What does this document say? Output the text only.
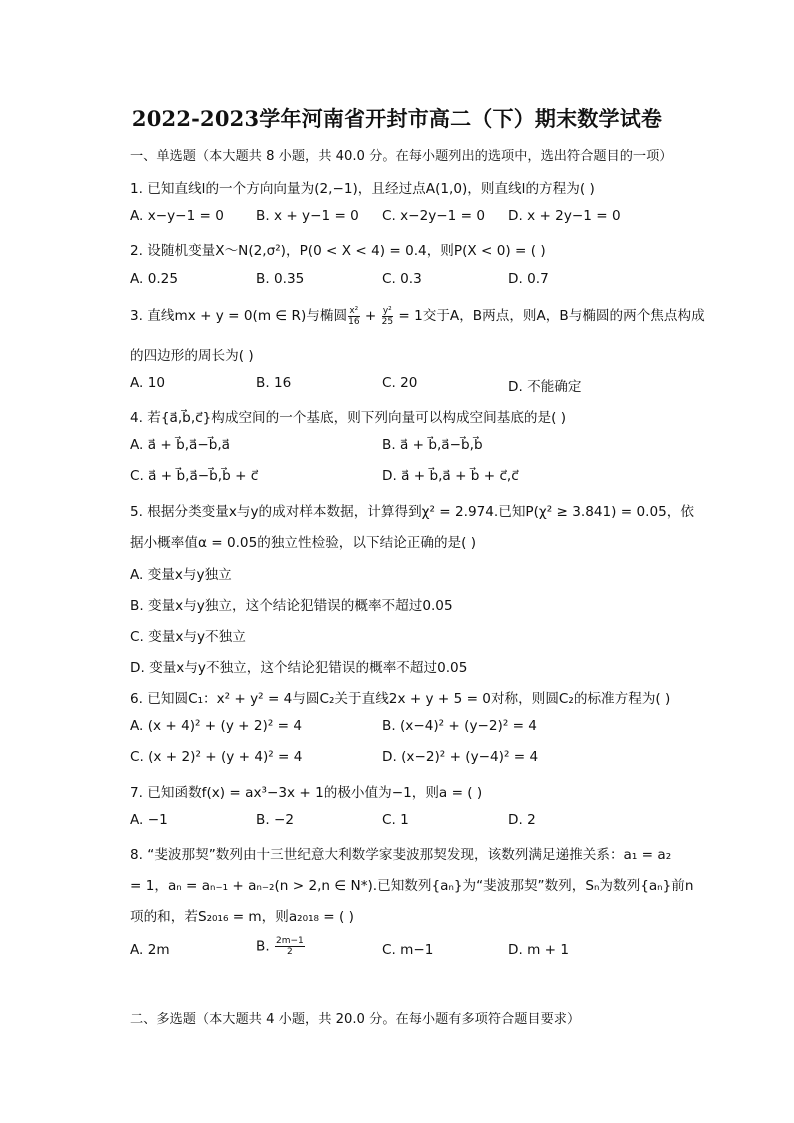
2022-2023学年河南省开封市高二（下）期末数学试卷
一、单选题（本大题共 8 小题，共 40.0 分。在每小题列出的选项中，选出符合题目的一项）
1. 已知直线l的一个方向向量为(2,−1)，且经过点A(1,0)，则直线l的方程为( )
A. x−y−1 = 0 B. x + y−1 = 0 C. x−2y−1 = 0 D. x + 2y−1 = 0
2. 设随机变量X～N(2,σ²)，P(0 < X < 4) = 0.4，则P(X < 0) = ( )
A. 0.25	B. 0.35	C. 0.3	D. 0.7
3. 直线mx + y = 0(m ∈ R)与椭圆 $\frac{\text{x²}}{16} + \frac{\text{y²}}{25} = 1$交于A，B两点，则A，B与椭圆的两个焦点构成
的四边形的周长为( )
A. 10	B. 16	C. 20	D. 不能确定
4. 若{a⃗,b⃗,c⃗}构成空间的一个基底，则下列向量可以构成空间基底的是( )
A. a⃗ + b⃗,a⃗−b⃗,a⃗	B. a⃗ + b⃗,a⃗−b⃗,b⃗
C. a⃗ + b⃗,a⃗−b⃗,b⃗ + c⃗	D. a⃗ + b⃗,a⃗ + b⃗ + c⃗,c⃗
5. 根据分类变量x与y的成对样本数据，计算得到χ² = 2.974.已知P(χ² ≥ 3.841) = 0.05，依
据小概率值α = 0.05的独立性检验，以下结论正确的是( )
A. 变量x与y独立
B. 变量x与y独立，这个结论犯错误的概率不超过0.05
C. 变量x与y不独立
D. 变量x与y不独立，这个结论犯错误的概率不超过0.05
6. 已知圆C₁：x² + y² = 4与圆C₂关于直线2x + y + 5 = 0对称，则圆C₂的标准方程为( )
A. (x + 4)² + (y + 2)² = 4	B. (x−4)² + (y−2)² = 4
C. (x + 2)² + (y + 4)² = 4	D. (x−2)² + (y−4)² = 4
7. 已知函数f(x) = ax³−3x + 1的极小值为−1，则a = ( )
A. −1	B. −2	C. 1	D. 2
8. “斐波那契”数列由十三世纪意大利数学家斐波那契发现，该数列满足递推关系：a₁ = a₂
= 1，aₙ = aₙ₋₁ + aₙ₋₂(n > 2,n ∈ N*).已知数列{aₙ}为“斐波那契”数列，Sₙ为数列{aₙ}前n
项的和，若S₂₀₁₆ = m，则a₂₀₁₈ = ( )
A. 2m	B. $\frac{2m-1}{2}$	C. m−1	D. m + 1
二、多选题（本大题共 4 小题，共 20.0 分。在每小题有多项符合题目要求）
